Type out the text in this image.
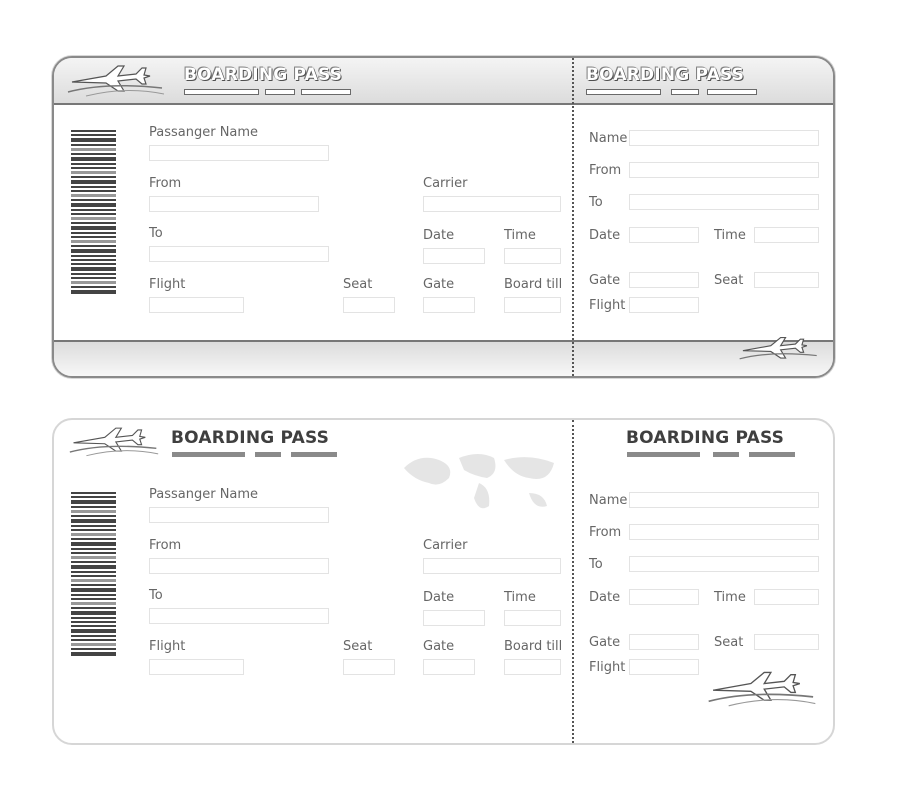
BOARDING PASS	BOARDING PASS
Passanger Name
From	Carrier
To	Date	Time
Flight	Seat	Gate	Board till
Name
From
To
Date	Time
Gate	Seat
Flight
BOARDING PASS	BOARDING PASS
Passanger Name
From	Carrier
To	Date	Time
Flight	Seat	Gate	Board till
Name
From
To
Date	Time
Gate	Seat
Flight
